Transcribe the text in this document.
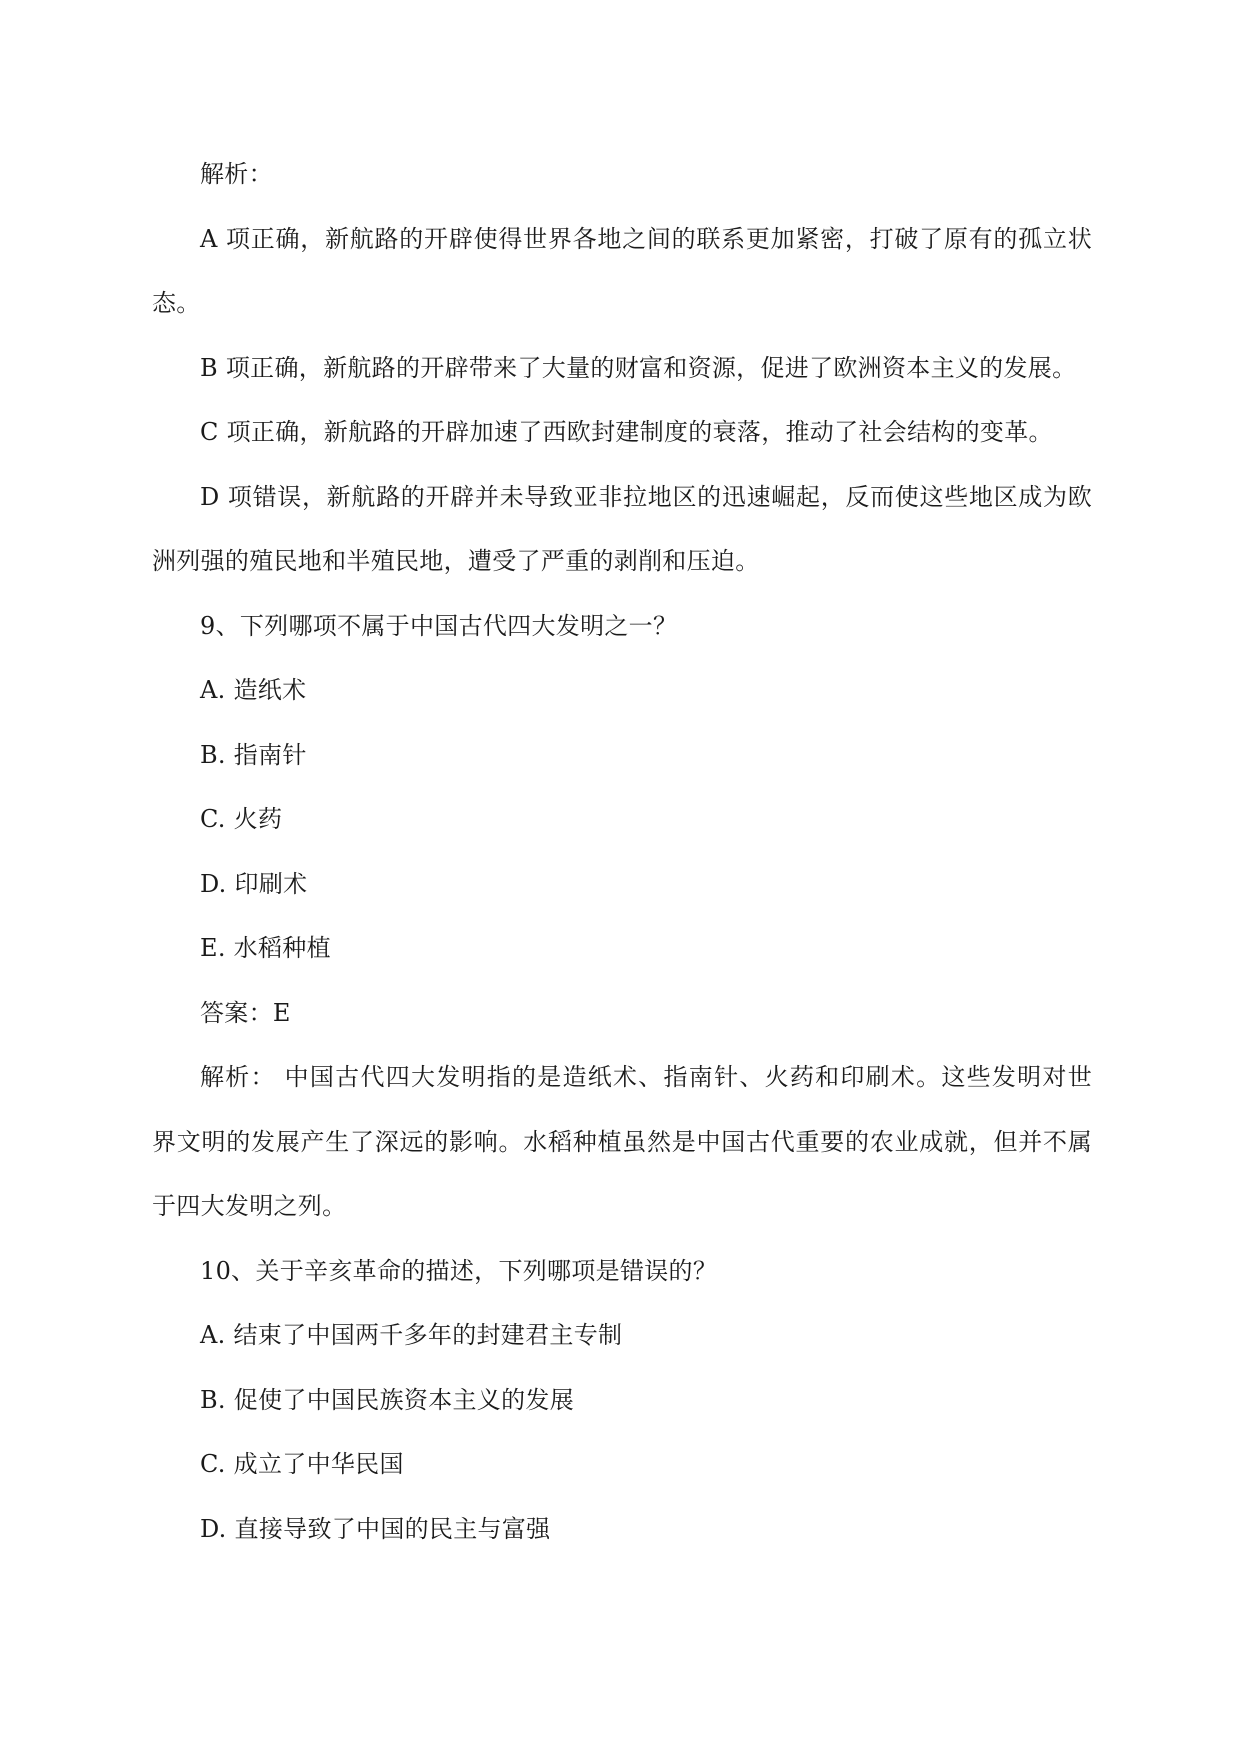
解析：
A 项正确，新航路的开辟使得世界各地之间的联系更加紧密，打破了原有的孤立状
态。
B 项正确，新航路的开辟带来了大量的财富和资源，促进了欧洲资本主义的发展。
C 项正确，新航路的开辟加速了西欧封建制度的衰落，推动了社会结构的变革。
D 项错误，新航路的开辟并未导致亚非拉地区的迅速崛起，反而使这些地区成为欧
洲列强的殖民地和半殖民地，遭受了严重的剥削和压迫。
9、下列哪项不属于中国古代四大发明之一？
A. 造纸术
B. 指南针
C. 火药
D. 印刷术
E. 水稻种植
答案：E
解析： 中国古代四大发明指的是造纸术、指南针、火药和印刷术。这些发明对世
界文明的发展产生了深远的影响。水稻种植虽然是中国古代重要的农业成就，但并不属
于四大发明之列。
10、关于辛亥革命的描述，下列哪项是错误的？
A. 结束了中国两千多年的封建君主专制
B. 促使了中国民族资本主义的发展
C. 成立了中华民国
D. 直接导致了中国的民主与富强
